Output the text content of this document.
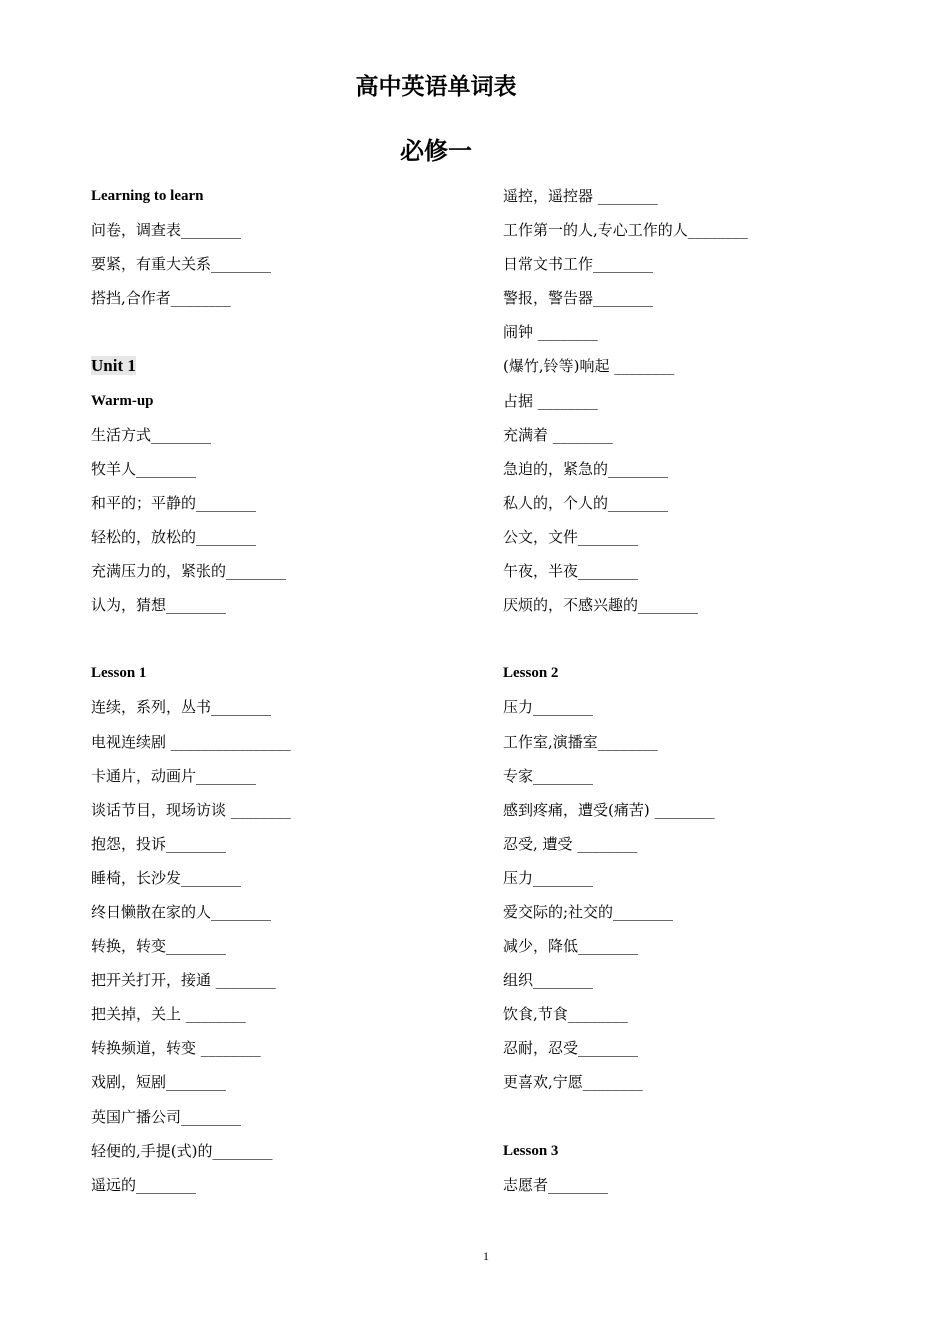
高中英语单词表
必修一
Learning to learn
问卷，调查表________
要紧，有重大关系________
搭挡,合作者________
Unit 1
Warm-up
生活方式________
牧羊人________
和平的；平静的________
轻松的，放松的________
充满压力的，紧张的________
认为，猜想________
Lesson 1
连续，系列，丛书________
电视连续剧 ________________
卡通片，动画片________
谈话节目，现场访谈 ________
抱怨，投诉________
睡椅，长沙发________
终日懒散在家的人________
转换，转变________
把开关打开，接通 ________
把关掉，关上 ________
转换频道，转变 ________
戏剧，短剧________
英国广播公司________
轻便的,手提(式)的________
遥远的________
遥控，遥控器 ________
工作第一的人,专心工作的人________
日常文书工作________
警报，警告器________
闹钟 ________
(爆竹,铃等)响起 ________
占据 ________
充满着 ________
急迫的，紧急的________
私人的，个人的________
公文，文件________
午夜，半夜________
厌烦的，不感兴趣的________
Lesson 2
压力________
工作室,演播室________
专家________
感到疼痛，遭受(痛苦) ________
忍受, 遭受 ________
压力________
爱交际的;社交的________
减少，降低________
组织________
饮食,节食________
忍耐，忍受________
更喜欢,宁愿________
Lesson 3
志愿者________
1
